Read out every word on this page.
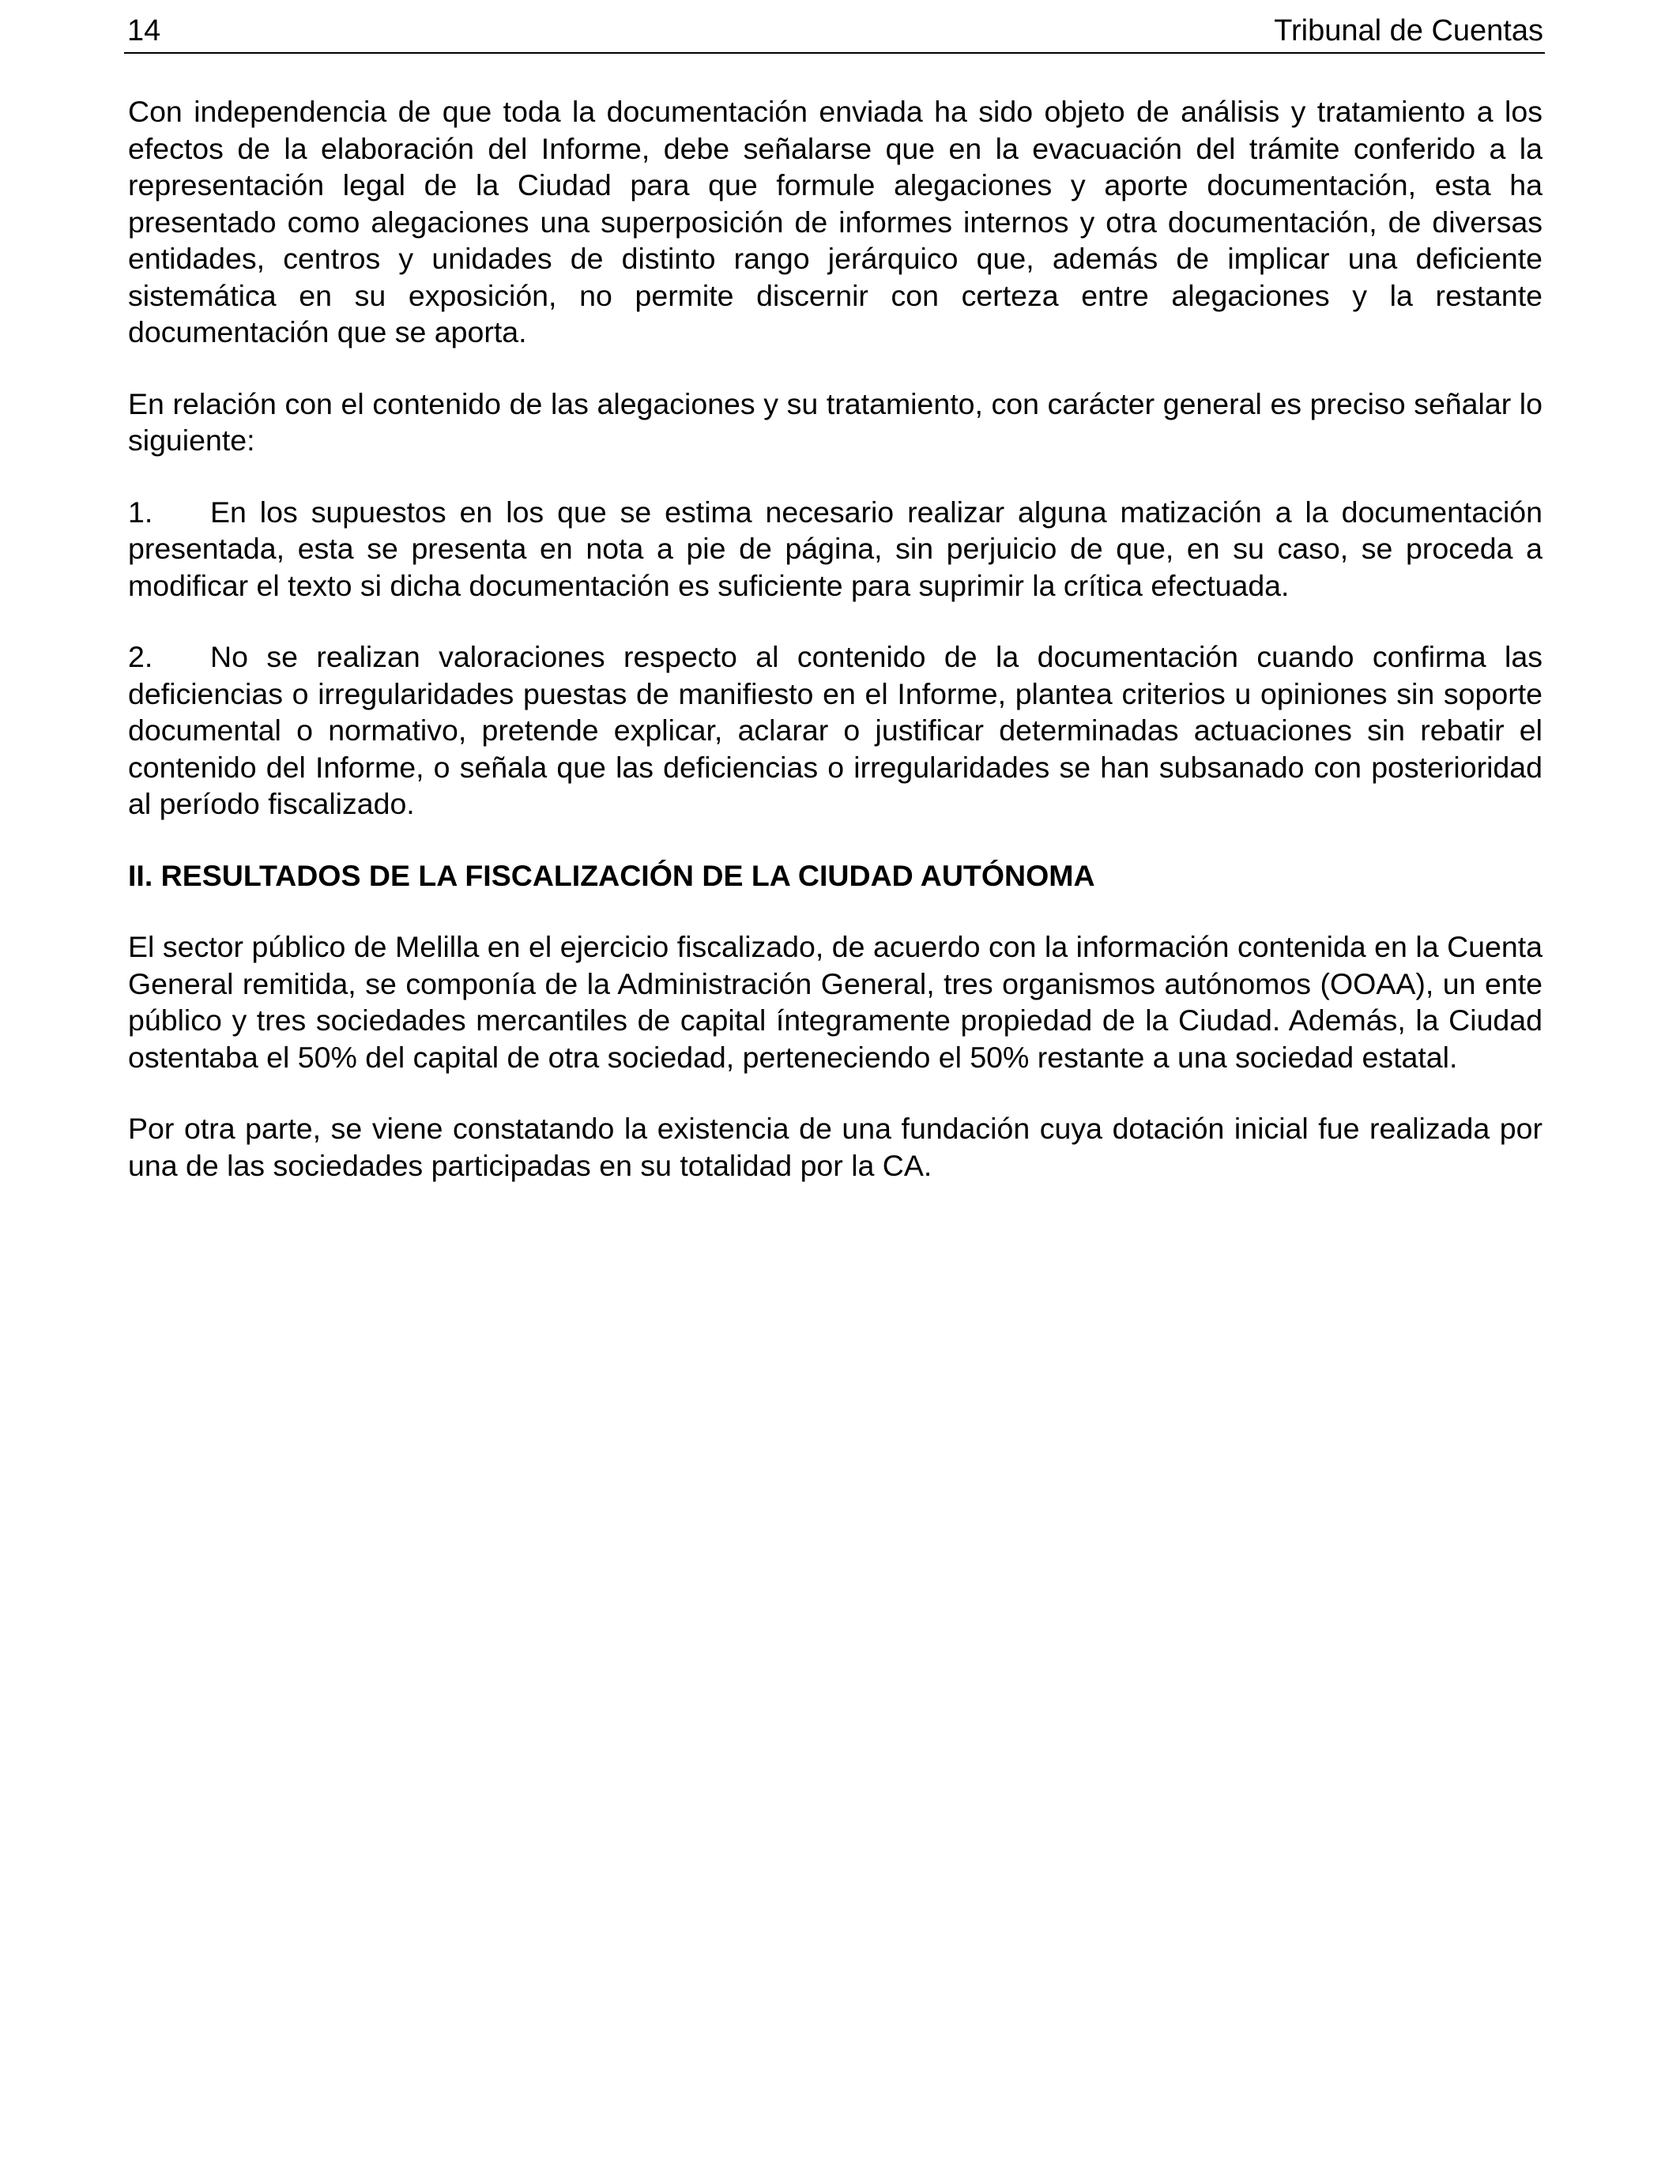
14	Tribunal de Cuentas

Con independencia de que toda la documentación enviada ha sido objeto de análisis y tratamiento a los efectos de la elaboración del Informe, debe señalarse que en la evacuación del trámite conferido a la representación legal de la Ciudad para que formule alegaciones y aporte documentación, esta ha presentado como alegaciones una superposición de informes internos y otra documentación, de diversas entidades, centros y unidades de distinto rango jerárquico que, además de implicar una deficiente sistemática en su exposición, no permite discernir con certeza entre alegaciones y la restante documentación que se aporta.

En relación con el contenido de las alegaciones y su tratamiento, con carácter general es preciso señalar lo siguiente:

1. En los supuestos en los que se estima necesario realizar alguna matización a la documentación presentada, esta se presenta en nota a pie de página, sin perjuicio de que, en su caso, se proceda a modificar el texto si dicha documentación es suficiente para suprimir la crítica efectuada.

2. No se realizan valoraciones respecto al contenido de la documentación cuando confirma las deficiencias o irregularidades puestas de manifiesto en el Informe, plantea criterios u opiniones sin soporte documental o normativo, pretende explicar, aclarar o justificar determinadas actuaciones sin rebatir el contenido del Informe, o señala que las deficiencias o irregularidades se han subsanado con posterioridad al período fiscalizado.

II. RESULTADOS DE LA FISCALIZACIÓN DE LA CIUDAD AUTÓNOMA

El sector público de Melilla en el ejercicio fiscalizado, de acuerdo con la información contenida en la Cuenta General remitida, se componía de la Administración General, tres organismos autónomos (OOAA), un ente público y tres sociedades mercantiles de capital íntegramente propiedad de la Ciudad. Además, la Ciudad ostentaba el 50% del capital de otra sociedad, perteneciendo el 50% restante a una sociedad estatal.

Por otra parte, se viene constatando la existencia de una fundación cuya dotación inicial fue realizada por una de las sociedades participadas en su totalidad por la CA.
